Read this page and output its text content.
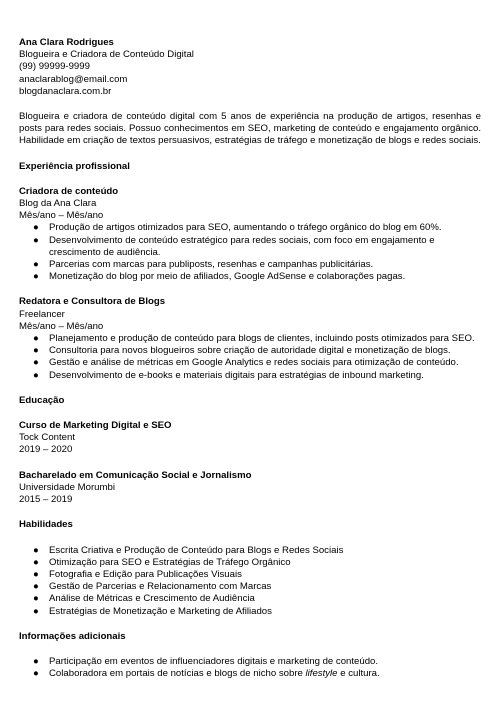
Ana Clara Rodrigues
Blogueira e Criadora de Conteúdo Digital
(99) 99999-9999
anaclarablog@email.com
blogdanaclara.com.br
Blogueira e criadora de conteúdo digital com 5 anos de experiência na produção de artigos, resenhas e posts para redes sociais. Possuo conhecimentos em SEO, marketing de conteúdo e engajamento orgânico. Habilidade em criação de textos persuasivos, estratégias de tráfego e monetização de blogs e redes sociais.
Experiência profissional
Criadora de conteúdo
Blog da Ana Clara
Mês/ano – Mês/ano
● Produção de artigos otimizados para SEO, aumentando o tráfego orgânico do blog em 60%.
● Desenvolvimento de conteúdo estratégico para redes sociais, com foco em engajamento e crescimento de audiência.
● Parcerias com marcas para publiposts, resenhas e campanhas publicitárias.
● Monetização do blog por meio de afiliados, Google AdSense e colaborações pagas.
Redatora e Consultora de Blogs
Freelancer
Mês/ano – Mês/ano
● Planejamento e produção de conteúdo para blogs de clientes, incluindo posts otimizados para SEO.
● Consultoria para novos blogueiros sobre criação de autoridade digital e monetização de blogs.
● Gestão e análise de métricas em Google Analytics e redes sociais para otimização de conteúdo.
● Desenvolvimento de e-books e materiais digitais para estratégias de inbound marketing.
Educação
Curso de Marketing Digital e SEO
Tock Content
2019 – 2020
Bacharelado em Comunicação Social e Jornalismo
Universidade Morumbi
2015 – 2019
Habilidades
● Escrita Criativa e Produção de Conteúdo para Blogs e Redes Sociais
● Otimização para SEO e Estratégias de Tráfego Orgânico
● Fotografia e Edição para Publicações Visuais
● Gestão de Parcerias e Relacionamento com Marcas
● Análise de Métricas e Crescimento de Audiência
● Estratégias de Monetização e Marketing de Afiliados
Informações adicionais
● Participação em eventos de influenciadores digitais e marketing de conteúdo.
● Colaboradora em portais de notícias e blogs de nicho sobre lifestyle e cultura.
